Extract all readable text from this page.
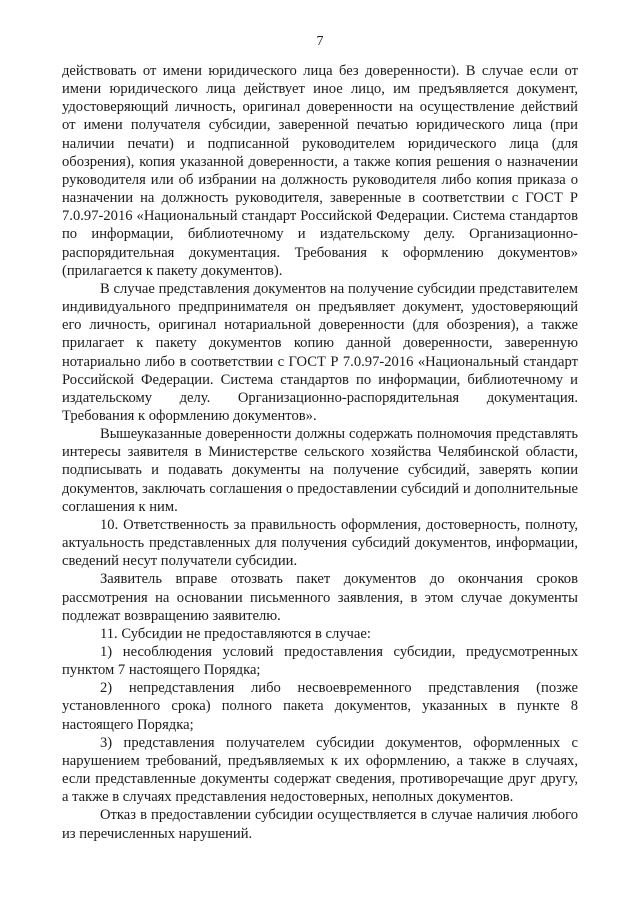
7

действовать от имени юридического лица без доверенности). В случае если от имени юридического лица действует иное лицо, им предъявляется документ, удостоверяющий личность, оригинал доверенности на осуществление действий от имени получателя субсидии, заверенной печатью юридического лица (при наличии печати) и подписанной руководителем юридического лица (для обозрения), копия указанной доверенности, а также копия решения о назначении руководителя или об избрании на должность руководителя либо копия приказа о назначении на должность руководителя, заверенные в соответствии с ГОСТ Р 7.0.97-2016 «Национальный стандарт Российской Федерации. Система стандартов по информации, библиотечному и издательскому делу. Организационно-распорядительная документация. Требования к оформлению документов» (прилагается к пакету документов).

В случае представления документов на получение субсидии представителем индивидуального предпринимателя он предъявляет документ, удостоверяющий его личность, оригинал нотариальной доверенности (для обозрения), а также прилагает к пакету документов копию данной доверенности, заверенную нотариально либо в соответствии с ГОСТ Р 7.0.97-2016 «Национальный стандарт Российской Федерации. Система стандартов по информации, библиотечному и издательскому делу. Организационно-распорядительная документация. Требования к оформлению документов».

Вышеуказанные доверенности должны содержать полномочия представлять интересы заявителя в Министерстве сельского хозяйства Челябинской области, подписывать и подавать документы на получение субсидий, заверять копии документов, заключать соглашения о предоставлении субсидий и дополнительные соглашения к ним.

10. Ответственность за правильность оформления, достоверность, полноту, актуальность представленных для получения субсидий документов, информации, сведений несут получатели субсидии.

Заявитель вправе отозвать пакет документов до окончания сроков рассмотрения на основании письменного заявления, в этом случае документы подлежат возвращению заявителю.

11. Субсидии не предоставляются в случае:

1) несоблюдения условий предоставления субсидии, предусмотренных пунктом 7 настоящего Порядка;

2) непредставления либо несвоевременного представления (позже установленного срока) полного пакета документов, указанных в пункте 8 настоящего Порядка;

3) представления получателем субсидии документов, оформленных с нарушением требований, предъявляемых к их оформлению, а также в случаях, если представленные документы содержат сведения, противоречащие друг другу, а также в случаях представления недостоверных, неполных документов.

Отказ в предоставлении субсидии осуществляется в случае наличия любого из перечисленных нарушений.
